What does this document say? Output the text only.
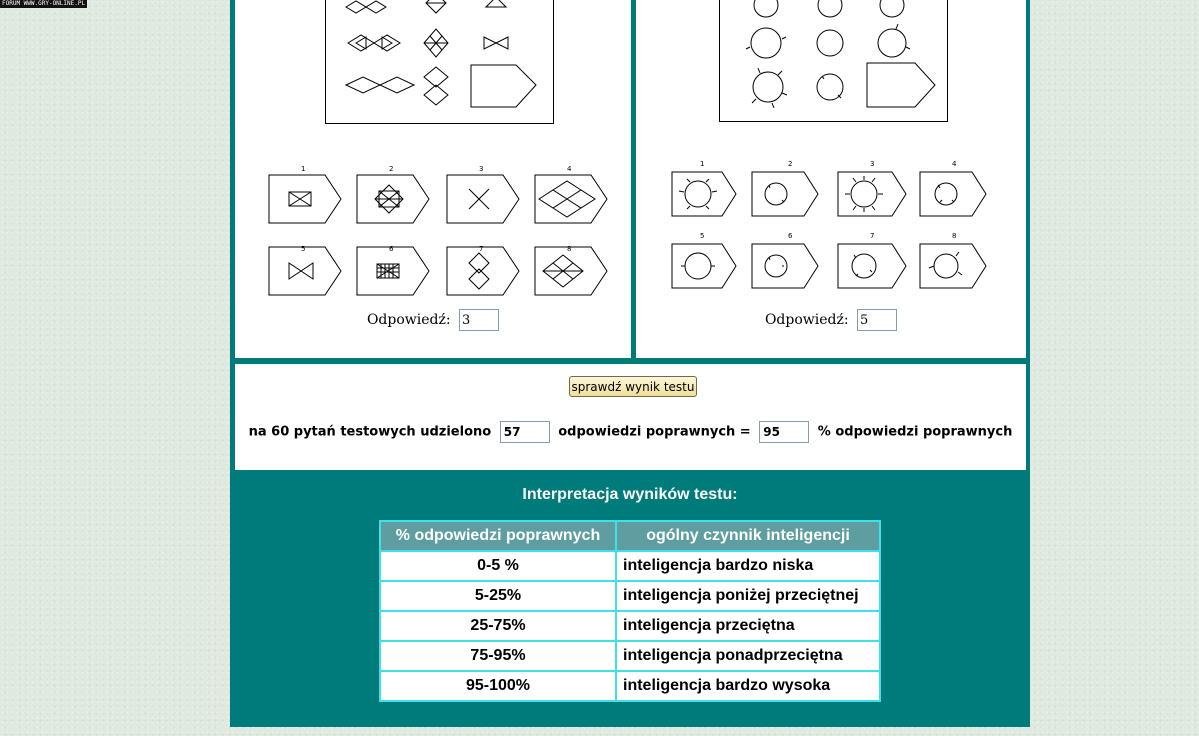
FORUM WWW.GRY-ONLINE.PL
1	2	3	4
5	6	7	8
Odpowiedź: 3
1	2	3	4
5	6	7	8
Odpowiedź: 5
sprawdź wynik testu
na 60 pytań testowych udzielono 57	odpowiedzi poprawnych = 95	% odpowiedzi poprawnych
Interpretacja wyników testu:
% odpowiedzi poprawnych	ogólny czynnik inteligencji
0-5 %	inteligencja bardzo niska
5-25%	inteligencja poniżej przeciętnej
25-75%	inteligencja przeciętna
75-95%	inteligencja ponadprzeciętna
95-100%	inteligencja bardzo wysoka
